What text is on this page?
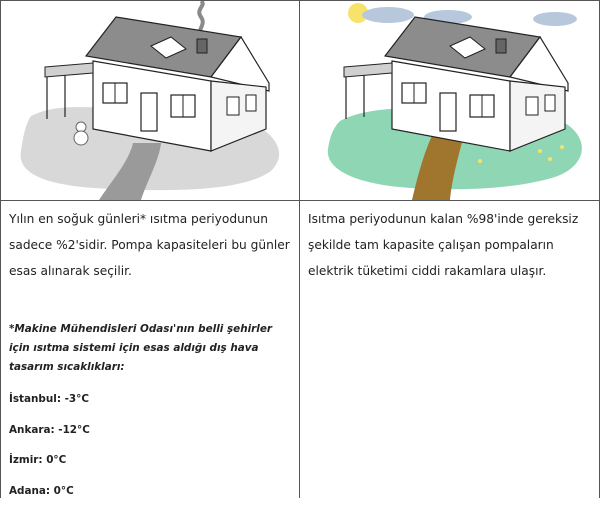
Yılın en soğuk günleri* ısıtma periyodunun sadece %2'sidir. Pompa kapasiteleri bu günler esas alınarak seçilir.

*Makine Mühendisleri Odası'nın belli şehirler için ısıtma sistemi için esas aldığı dış hava tasarım sıcaklıkları:
İstanbul: -3°C
Ankara: -12°C
İzmir: 0°C
Adana: 0°C

Isıtma periyodunun kalan %98'inde gereksiz şekilde tam kapasite çalışan pompaların elektrik tüketimi ciddi rakamlara ulaşır.
